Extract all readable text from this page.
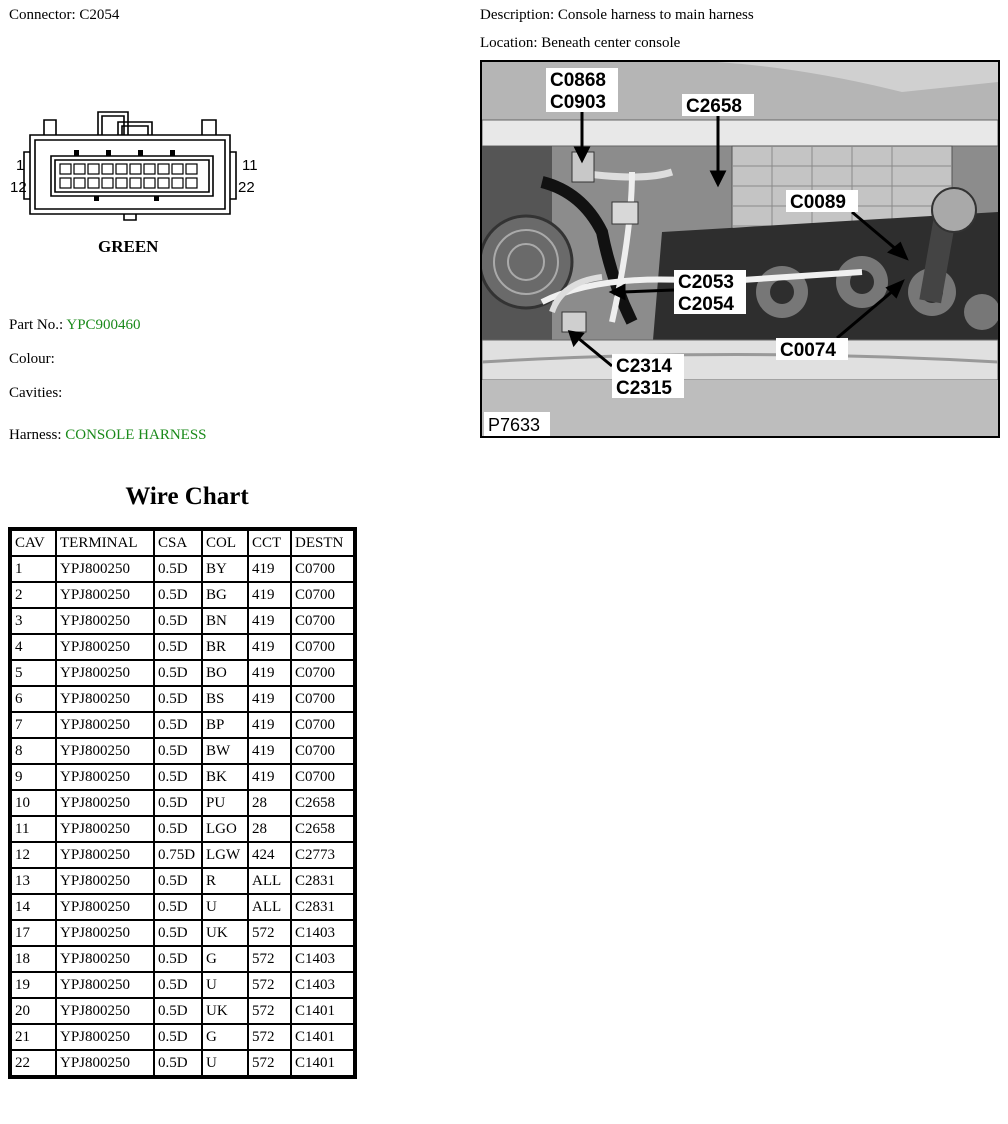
Connector: C2054	Description: Console harness to main harness
Location: Beneath center console
1
12
11
22
GREEN
Part No.: YPC900460
Colour:
Cavities:
Harness: CONSOLE HARNESS
C0868
C0903	C2658
C0089
C2053
C2054
C0074
C2314
C2315
P7633
Wire Chart
CAV	TERMINAL	CSA	COL	CCT	DESTN
1	YPJ800250	0.5D	BY	419	C0700
2	YPJ800250	0.5D	BG	419	C0700
3	YPJ800250	0.5D	BN	419	C0700
4	YPJ800250	0.5D	BR	419	C0700
5	YPJ800250	0.5D	BO	419	C0700
6	YPJ800250	0.5D	BS	419	C0700
7	YPJ800250	0.5D	BP	419	C0700
8	YPJ800250	0.5D	BW	419	C0700
9	YPJ800250	0.5D	BK	419	C0700
10	YPJ800250	0.5D	PU	28	C2658
11	YPJ800250	0.5D	LGO	28	C2658
12	YPJ800250	0.75D	LGW	424	C2773
13	YPJ800250	0.5D	R	ALL	C2831
14	YPJ800250	0.5D	U	ALL	C2831
17	YPJ800250	0.5D	UK	572	C1403
18	YPJ800250	0.5D	G	572	C1403
19	YPJ800250	0.5D	U	572	C1403
20	YPJ800250	0.5D	UK	572	C1401
21	YPJ800250	0.5D	G	572	C1401
22	YPJ800250	0.5D	U	572	C1401
